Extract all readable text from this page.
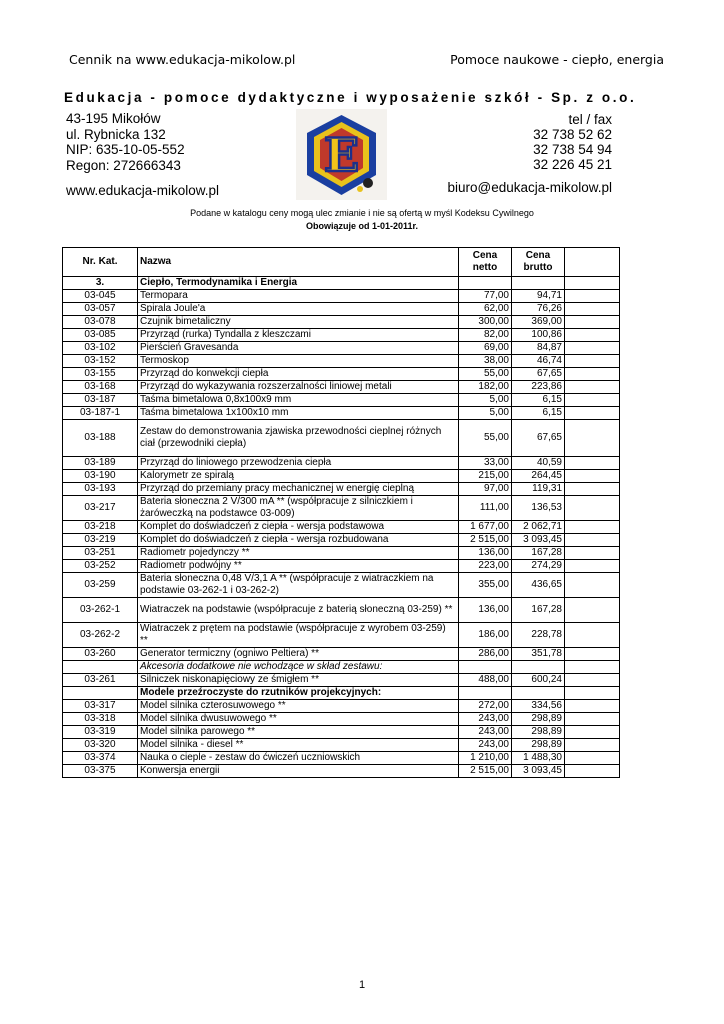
Cennik na www.edukacja-mikolow.pl	Pomoce naukowe - ciepło, energia
Edukacja - pomoce dydaktyczne i wyposażenie szkół - Sp. z o.o.
43-195 Mikołów
ul. Rybnicka 132
NIP: 635-10-05-552
Regon: 272666343
www.edukacja-mikolow.pl
tel / fax
32 738 52 62
32 738 54 94
32 226 45 21
biuro@edukacja-mikolow.pl
E
Podane w katalogu ceny mogą ulec zmianie i nie są ofertą w myśl Kodeksu Cywilnego
Obowiązuje od 1-01-2011r.
Nr. Kat.	Nazwa	Cena netto	Cena brutto	
3.	Ciepło, Termodynamika i Energia			
03-045	Termopara	77,00	94,71	
03-057	Spirala Joule'a	62,00	76,26	
03-078	Czujnik bimetaliczny	300,00	369,00	
03-085	Przyrząd (rurka) Tyndalla z kleszczami	82,00	100,86	
03-102	Pierścień Gravesanda	69,00	84,87	
03-152	Termoskop	38,00	46,74	
03-155	Przyrząd do konwekcji ciepła	55,00	67,65	
03-168	Przyrząd do wykazywania rozszerzalności liniowej metali	182,00	223,86	
03-187	Taśma bimetalowa 0,8x100x9 mm	5,00	6,15	
03-187-1	Taśma bimetalowa 1x100x10 mm	5,00	6,15	
03-188	Zestaw do demonstrowania zjawiska przewodności cieplnej różnych ciał (przewodniki ciepła)	55,00	67,65	
03-189	Przyrząd do liniowego przewodzenia ciepła	33,00	40,59	
03-190	Kalorymetr ze spiralą	215,00	264,45	
03-193	Przyrząd do przemiany pracy mechanicznej w energię cieplną	97,00	119,31	
03-217	Bateria słoneczna 2 V/300 mA ** (współpracuje z silniczkiem i żaróweczką na podstawce 03-009)	111,00	136,53	
03-218	Komplet do doświadczeń z ciepła - wersja podstawowa	1 677,00	2 062,71	
03-219	Komplet do doświadczeń z ciepła - wersja rozbudowana	2 515,00	3 093,45	
03-251	Radiometr pojedynczy **	136,00	167,28	
03-252	Radiometr podwójny **	223,00	274,29	
03-259	Bateria słoneczna 0,48 V/3,1 A ** (współpracuje z wiatraczkiem na podstawie 03-262-1 i 03-262-2)	355,00	436,65	
03-262-1	Wiatraczek na podstawie (współpracuje z baterią słoneczną 03-259) **	136,00	167,28	
03-262-2	Wiatraczek z prętem na podstawie (współpracuje z wyrobem 03-259) **	186,00	228,78	
03-260	Generator termiczny (ogniwo Peltiera) **	286,00	351,78	
	Akcesoria dodatkowe nie wchodzące w skład zestawu:			
03-261	Silniczek niskonapięciowy ze śmigłem **	488,00	600,24	
	Modele przeźroczyste do rzutników projekcyjnych:			
03-317	Model silnika czterosuwowego **	272,00	334,56	
03-318	Model silnika dwusuwowego **	243,00	298,89	
03-319	Model silnika parowego **	243,00	298,89	
03-320	Model silnika - diesel **	243,00	298,89	
03-374	Nauka o cieple - zestaw do ćwiczeń uczniowskich	1 210,00	1 488,30	
03-375	Konwersja energii	2 515,00	3 093,45	
1
